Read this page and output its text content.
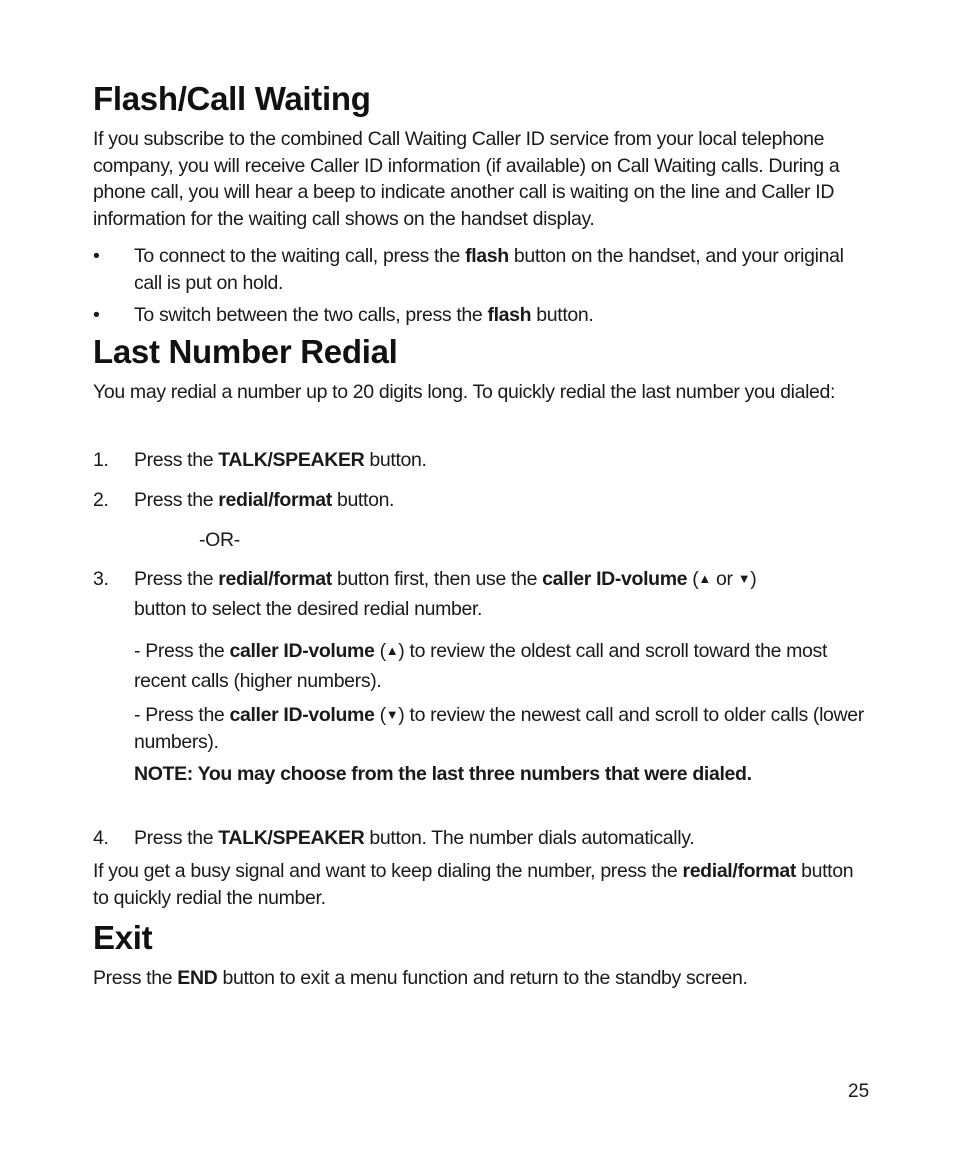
Flash/Call Waiting

If you subscribe to the combined Call Waiting Caller ID service from your local telephone company, you will receive Caller ID information (if available) on Call Waiting calls. During a phone call, you will hear a beep to indicate another call is waiting on the line and Caller ID information for the waiting call shows on the handset display.

• To connect to the waiting call, press the flash button on the handset, and your original call is put on hold.
• To switch between the two calls, press the flash button.
Last Number Redial

You may redial a number up to 20 digits long. To quickly redial the last number you dialed:

1. Press the TALK/SPEAKER button.
2. Press the redial/format button.
-OR-
3. Press the redial/format button first, then use the caller ID-volume (▲ or ▼)
button to select the desired redial number.
- Press the caller ID-volume (▲) to review the oldest call and scroll toward the most recent calls (higher numbers).
- Press the caller ID-volume (▼) to review the newest call and scroll to older calls (lower numbers).
NOTE: You may choose from the last three numbers that were dialed.
4. Press the TALK/SPEAKER button. The number dials automatically.

If you get a busy signal and want to keep dialing the number, press the redial/format button to quickly redial the number.

Exit

Press the END button to exit a menu function and return to the standby screen.

25
